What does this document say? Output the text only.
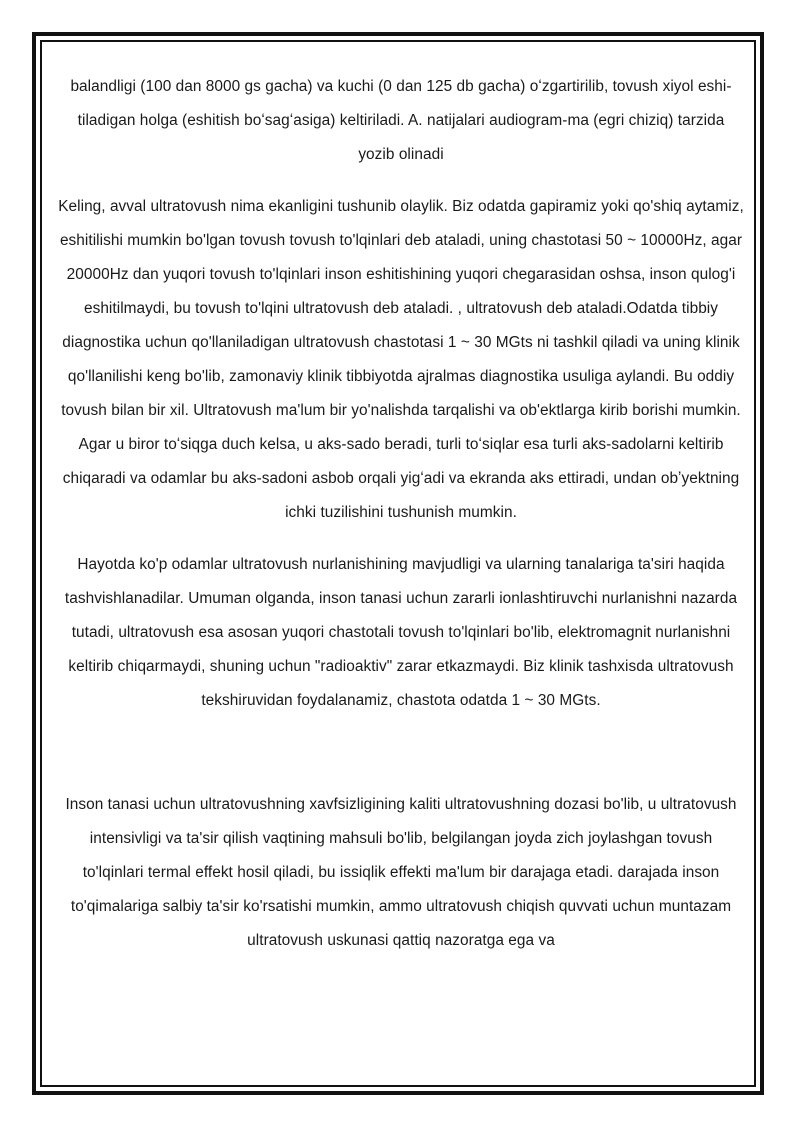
balandligi (100 dan 8000 gs gacha) va kuchi (0 dan 125 db gacha) oʻzgartirilib, tovush xiyol eshi-tiladigan holga (eshitish boʻsagʻasiga) keltiriladi. A. natijalari audiogram-ma (egri chiziq) tarzida yozib olinadi

Keling, avval ultratovush nima ekanligini tushunib olaylik. Biz odatda gapiramiz yoki qo'shiq aytamiz, eshitilishi mumkin bo'lgan tovush tovush to'lqinlari deb ataladi, uning chastotasi 50 ~ 10000Hz, agar 20000Hz dan yuqori tovush to'lqinlari inson eshitishining yuqori chegarasidan oshsa, inson qulog'i eshitilmaydi, bu tovush to'lqini ultratovush deb ataladi. , ultratovush deb ataladi.Odatda tibbiy diagnostika uchun qo'llaniladigan ultratovush chastotasi 1 ~ 30 MGts ni tashkil qiladi va uning klinik qo'llanilishi keng bo'lib, zamonaviy klinik tibbiyotda ajralmas diagnostika usuliga aylandi. Bu oddiy tovush bilan bir xil. Ultratovush ma'lum bir yo'nalishda tarqalishi va ob'ektlarga kirib borishi mumkin. Agar u biror toʻsiqga duch kelsa, u aks-sado beradi, turli toʻsiqlar esa turli aks-sadolarni keltirib chiqaradi va odamlar bu aks-sadoni asbob orqali yigʻadi va ekranda aks ettiradi, undan obʼyektning ichki tuzilishini tushunish mumkin.

Hayotda ko'p odamlar ultratovush nurlanishining mavjudligi va ularning tanalariga ta'siri haqida tashvishlanadilar. Umuman olganda, inson tanasi uchun zararli ionlashtiruvchi nurlanishni nazarda tutadi, ultratovush esa asosan yuqori chastotali tovush to'lqinlari bo'lib, elektromagnit nurlanishni keltirib chiqarmaydi, shuning uchun "radioaktiv" zarar etkazmaydi. Biz klinik tashxisda ultratovush tekshiruvidan foydalanamiz, chastota odatda 1 ~ 30 MGts.

Inson tanasi uchun ultratovushning xavfsizligining kaliti ultratovushning dozasi bo'lib, u ultratovush intensivligi va ta'sir qilish vaqtining mahsuli bo'lib, belgilangan joyda zich joylashgan tovush to'lqinlari termal effekt hosil qiladi, bu issiqlik effekti ma'lum bir darajaga etadi. darajada inson to'qimalariga salbiy ta'sir ko'rsatishi mumkin, ammo ultratovush chiqish quvvati uchun muntazam ultratovush uskunasi qattiq nazoratga ega va
